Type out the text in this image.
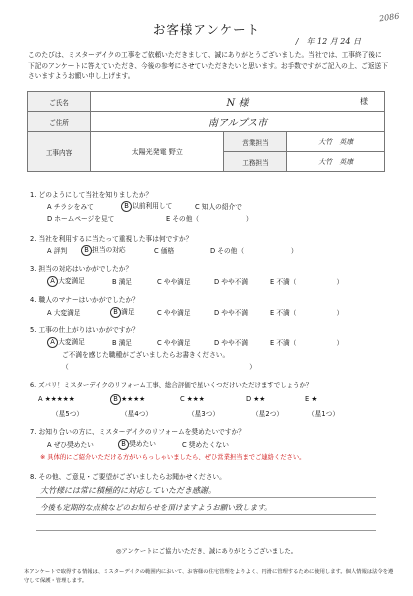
2086
お客様アンケート
/　年 12 月 24 日
このたびは、ミスターデイクの工事をご依頼いただきまして、誠にありがとうございました。当社では、工事終了後に下記のアンケートに答えていただき、今後の参考にさせていただきたいと思います。お手数ですがご記入の上、ご返送下さいますようお願い申し上げます。
ご氏名	N 様 様		

ご住所	南アルプス市		
工事内容	太陽光発電 野立	営業担当	大竹　英康
		工務担当	大竹　英康
1. どのようにして当社を知りましたか？
A チラシをみて	B 以前利用して	C 知人の紹介で
D ホームページを見て	E その他（　　　　　　　）
2. 当社を利用するに当たって重視した事は何ですか？
A 評判	B 担当の対応	C 価格	D その他（　　　　　　　）
3. 担当の対応はいかがでしたか？
A 大変満足	B 満足	C やや満足	D やや不満	E 不満（　　　　　　）
4. 職人のマナーはいかがでしたか？
A 大変満足	B 満足	C やや満足	D やや不満	E 不満（　　　　　　）
5. 工事の仕上がりはいかがですか？
A 大変満足	B 満足	C やや満足	D やや不満	E 不満（　　　　　　）
ご不満を感じた職種がございましたらお書きください。
（　　　　　　　　　　　　　　　　　　　　　　　　　　　）
6. ズバリ！ミスターデイクのリフォーム工事、総合評価で星いくつだけいただけますでしょうか？
A ★★★★★	B ★★★★	C ★★★	D ★★	E ★
（星5つ）	（星4つ）	（星3つ）	（星2つ）	（星1つ）
7. お知り合いの方に、ミスターデイクのリフォームを奨めたいですか？
A ぜひ奨めたい	B 奨めたい	C 奨めたくない
※ 具体的にご紹介いただける方がいらっしゃいましたら、ぜひ営業担当までご連絡ください。
8. その他、ご意見・ご要望がございましたらお聞かせください。
大竹様には常に積極的に対応していただき感謝。
今後も定期的な点検などのお知らせを頂けますようお願い致します。
◎アンケートにご協力いただき、誠にありがとうございました。
本アンケートで取得する情報は、ミスターデイクの範囲内において、お客様の住宅管理をよりよく、円滑に管理するために使用します。個人情報は法令を遵守して保護・管理します。
